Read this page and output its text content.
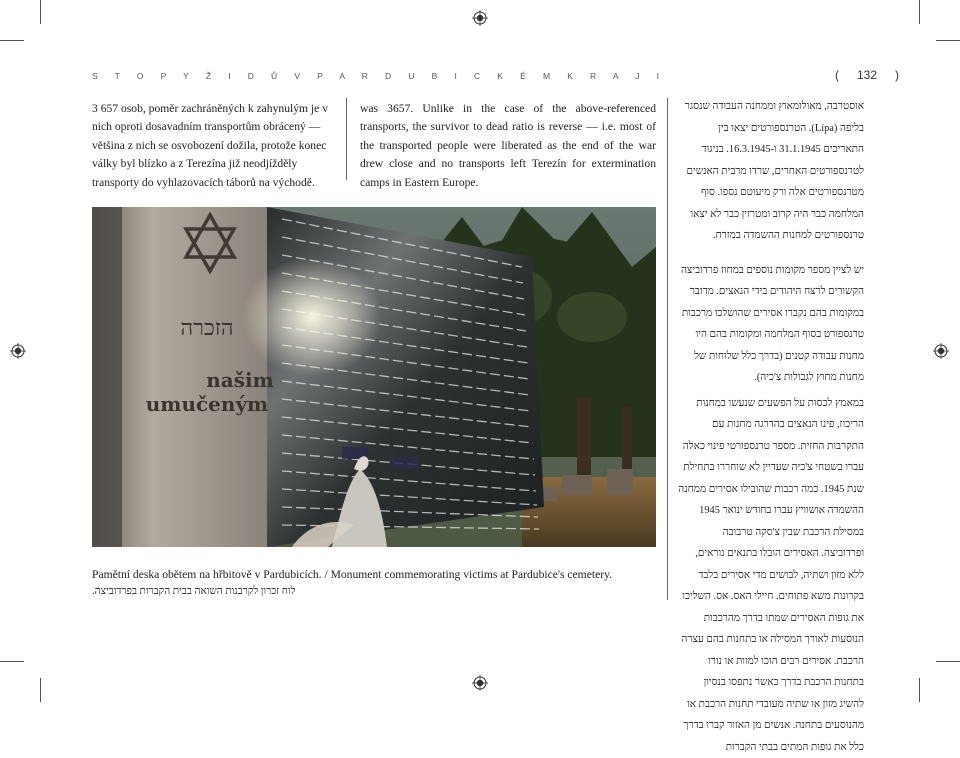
S T O P Y Ž I D Ů V P A R D U B I C K É M K R A J I	( 132 )
3 657 osob, poměr zachráněných k zahynulým je v nich oproti dosavadním transportům obrácený — většina z nich se osvobození dožila, protože konec války byl blízko a z Terezína již neodjížděly transporty do vyhlazovacích táborů na východě.
was 3657. Unlike in the case of the above-referenced transports, the survivor to dead ratio is reverse — i.e. most of the transported people were liberated as the end of the war drew close and no transports left Terezín for extermination camps in Eastern Europe.

אוסטרבה, מאולומאוץ וממחנה העבודה שנסגר בליפה (Lípa). הטרנספורטים יצאו בין התאריכים 31.1.1945 ו-16.3.1945. בניגוד לטרנספורטים האחרים, שרדו מרבית האנשים מטרנספורטים אלה ורק מיעוטם נספו. סוף המלחמה כבר היה קרוב ומטרזין כבר לא יצאו טרנספורטים למחנות ההשמדה במזרח.

יש לציין מספר מקומות נוספים במחוז פרדוביצה הקשורים לרצח היהודים בידי הנאצים. מדובר במקומות בהם נקברו אסירים שהושלכו מרכבות טרנספורט בסוף המלחמה ומקומות בהם היו מחנות עבודה קטנים (בדרך כלל שלוחות של מחנות מחוץ לגבולות צ'כיה).

במאמץ לכסות על הפשעים שנעשו במחנות הריכוז, פינו הנאצים בהדרגה מחנות עם התקרבות החזית. מספר טרנספורטי פינוי כאלה עברו בשטחי צ'כיה שעדיין לא שוחררו בתחילת שנת 1945. כמה רכבות שהובילו אסירים ממחנה ההשמדה אושוויץ עברו בחודש ינואר 1945 במסילת הרכבת שבין צ'סקה טרבובה ופרדוביצה. האסירים הובלו בתנאים נוראים, ללא מזון ושתיה, לבושים מדי אסירים בלבד בקרונות משא פתוחים. חיילי האס. אס. השליכו את גופות האסירים שמתו בדרך מהרכבות הנוסעות לאורך המסילה או בתחנות בהם עצרה הרכבת. אסירים רבים הוכו למוות או נורו בתחנות הרכבת בדרך כאשר נתפסו בנסיון להשיג מזון או שתיה מעובדי תחנות הרכבת או מהנוסעים בתחנה. אנשים מן האזור קברו בדרך כלל את גופות המתים בבתי הקברות

הזכרה
našim
umučeným
Pamětní deska obětem na hřbitově v Pardubicích. / Monument commemorating victims at Pardubice's cemetery.
לוח זכרון לקרבנות השואה בבית הקברות בפרדוביצה.
